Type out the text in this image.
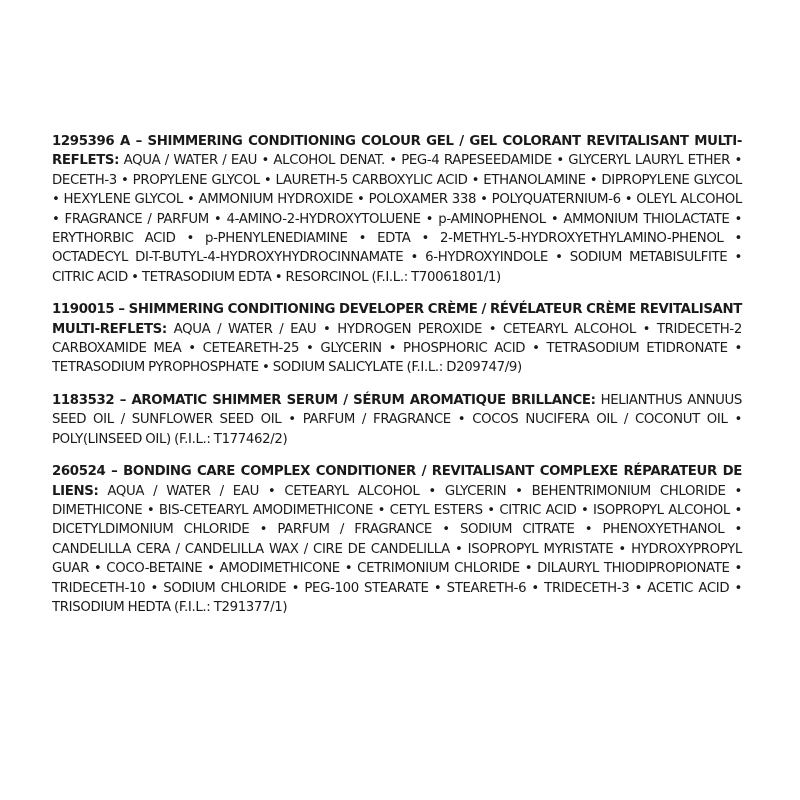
1295396 A – SHIMMERING CONDITIONING COLOUR GEL / GEL COLORANT REVITALISANT MULTI-REFLETS: AQUA / WATER / EAU • ALCOHOL DENAT. • PEG-4 RAPESEEDAMIDE • GLYCERYL LAURYL ETHER • DECETH-3 • PROPYLENE GLYCOL • LAURETH-5 CARBOXYLIC ACID • ETHANOLAMINE • DIPROPYLENE GLYCOL • HEXYLENE GLYCOL • AMMONIUM HYDROXIDE • POLOXAMER 338 • POLYQUATERNIUM-6 • OLEYL ALCOHOL • FRAGRANCE / PARFUM • 4-AMINO-2-HYDROXYTOLUENE • p-AMINOPHENOL • AMMONIUM THIOLACTATE • ERYTHORBIC ACID • p-PHENYLENEDIAMINE • EDTA • 2-METHYL-5-HYDROXYETHYLAMINO-PHENOL • OCTADECYL DI-T-BUTYL-4-HYDROXYHYDROCINNAMATE • 6-HYDROXYINDOLE • SODIUM METABISULFITE • CITRIC ACID • TETRASODIUM EDTA • RESORCINOL (F.I.L.: T70061801/1)

1190015 – SHIMMERING CONDITIONING DEVELOPER CRÈME / RÉVÉLATEUR CRÈME REVITALISANT MULTI-REFLETS: AQUA / WATER / EAU • HYDROGEN PEROXIDE • CETEARYL ALCOHOL • TRIDECETH-2 CARBOXAMIDE MEA • CETEARETH-25 • GLYCERIN • PHOSPHORIC ACID • TETRASODIUM ETIDRONATE • TETRASODIUM PYROPHOSPHATE • SODIUM SALICYLATE (F.I.L.: D209747/9)

1183532 – AROMATIC SHIMMER SERUM / SÉRUM AROMATIQUE BRILLANCE: HELIANTHUS ANNUUS SEED OIL / SUNFLOWER SEED OIL • PARFUM / FRAGRANCE • COCOS NUCIFERA OIL / COCONUT OIL • POLY(LINSEED OIL) (F.I.L.: T177462/2)

260524 – BONDING CARE COMPLEX CONDITIONER / REVITALISANT COMPLEXE RÉPARATEUR DE LIENS: AQUA / WATER / EAU • CETEARYL ALCOHOL • GLYCERIN • BEHENTRIMONIUM CHLORIDE • DIMETHICONE • BIS-CETEARYL AMODIMETHICONE • CETYL ESTERS • CITRIC ACID • ISOPROPYL ALCOHOL • DICETYLDIMONIUM CHLORIDE • PARFUM / FRAGRANCE • SODIUM CITRATE • PHENOXYETHANOL • CANDELILLA CERA / CANDELILLA WAX / CIRE DE CANDELILLA • ISOPROPYL MYRISTATE • HYDROXYPROPYL GUAR • COCO-BETAINE • AMODIMETHICONE • CETRIMONIUM CHLORIDE • DILAURYL THIODIPROPIONATE • TRIDECETH-10 • SODIUM CHLORIDE • PEG-100 STEARATE • STEARETH-6 • TRIDECETH-3 • ACETIC ACID • TRISODIUM HEDTA (F.I.L.: T291377/1)
